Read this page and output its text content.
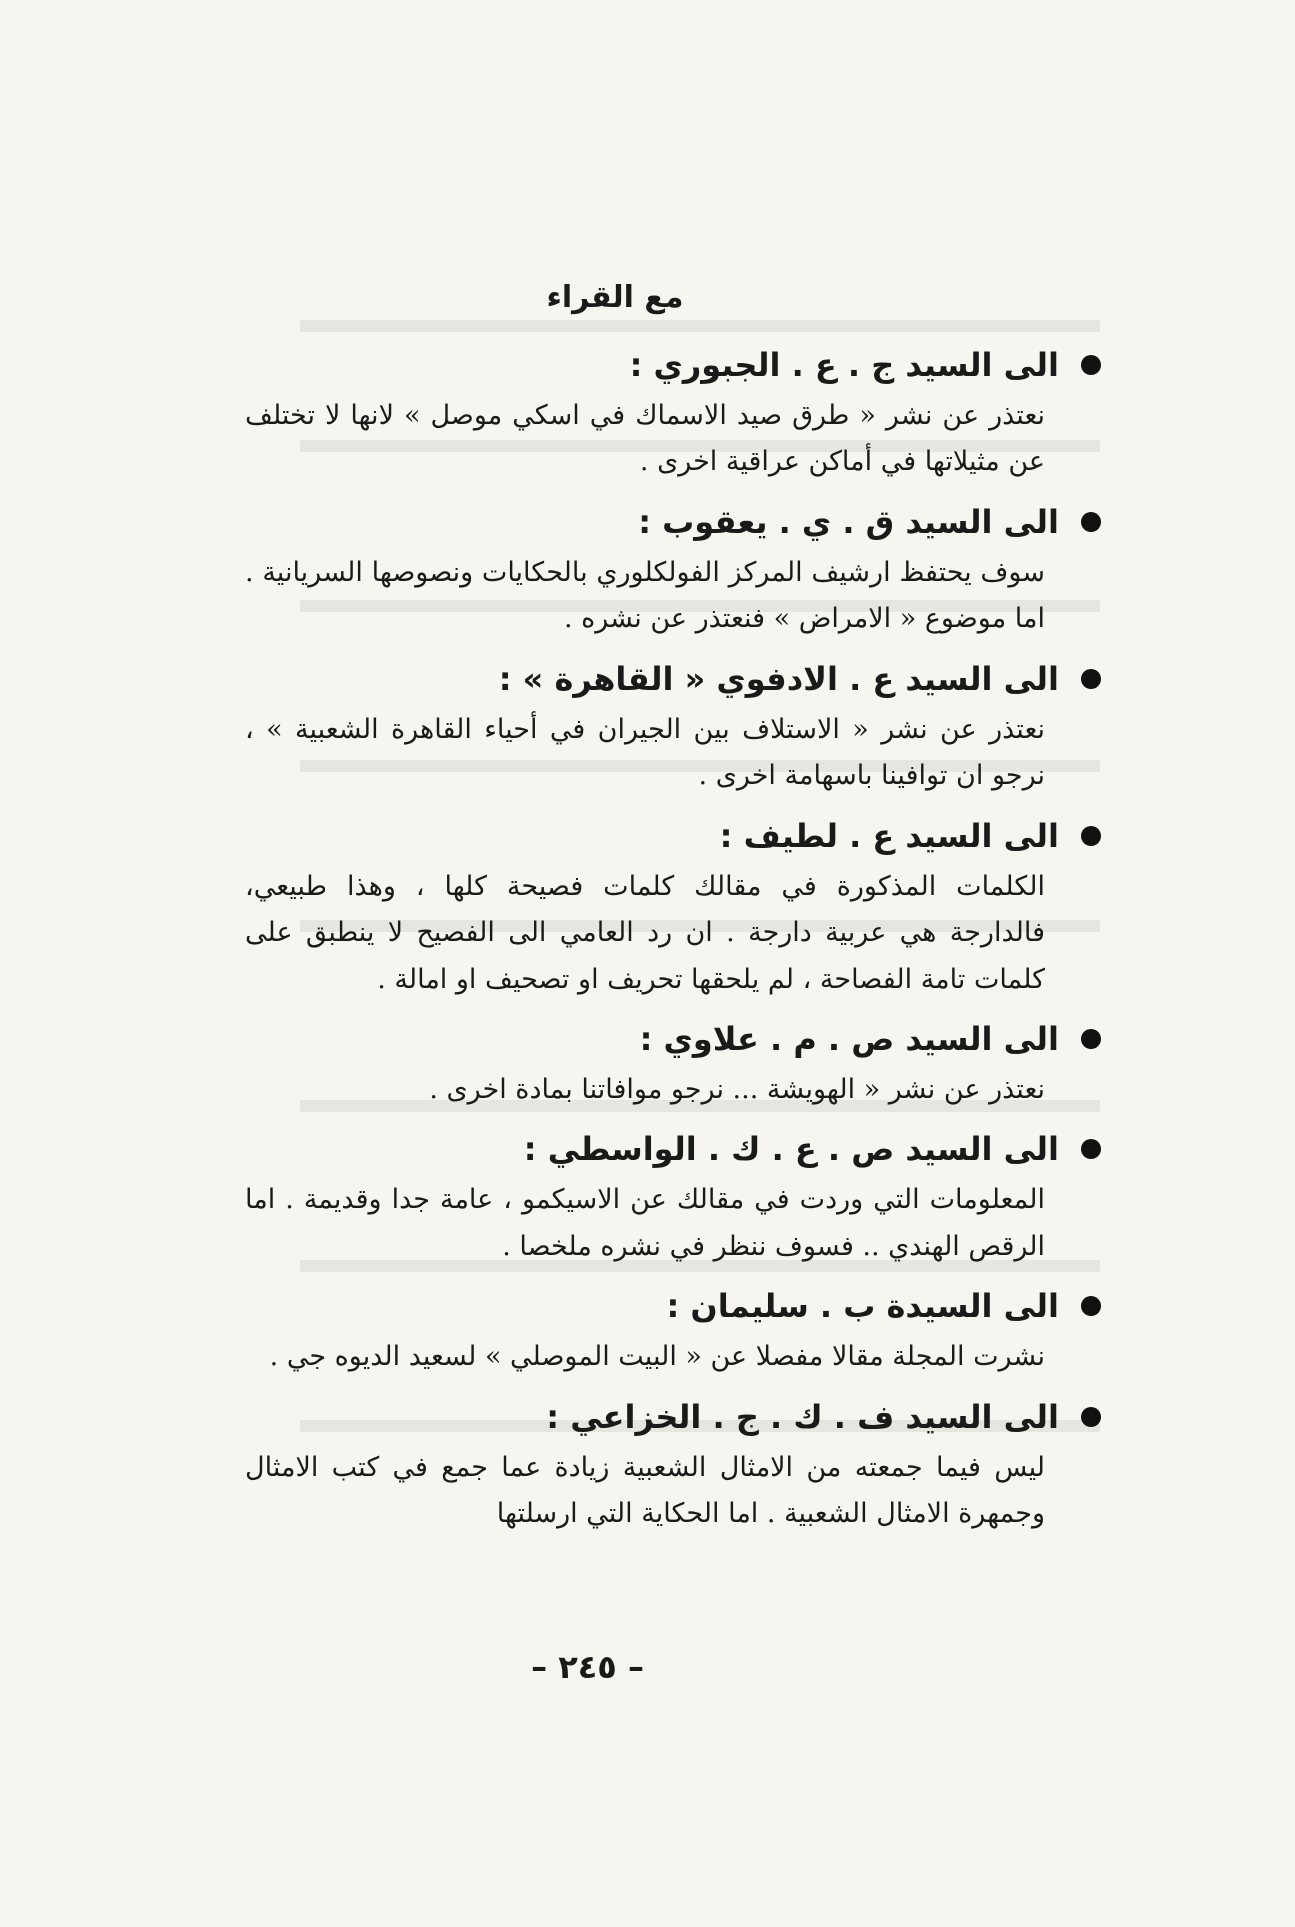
مع القراء
الى السيد ج . ع . الجبوري :

نعتذر عن نشر « طرق صيد الاسماك في اسكي موصل » لانها لا تختلف عن مثيلاتها في أماكن عراقية اخرى .

الى السيد ق . ي . يعقوب :

سوف يحتفظ ارشيف المركز الفولكلوري بالحكايات ونصوصها السريانية . اما موضوع « الامراض » فنعتذر عن نشره .

الى السيد ع . الادفوي « القاهرة » :

نعتذر عن نشر « الاستلاف بين الجيران في أحياء القاهرة الشعبية » ، نرجو ان توافينا باسهامة اخرى .

الى السيد ع . لطيف :

الكلمات المذكورة في مقالك كلمات فصيحة كلها ، وهذا طبيعي، فالدارجة هي عربية دارجة . ان رد العامي الى الفصيح لا ينطبق على كلمات تامة الفصاحة ، لم يلحقها تحريف او تصحيف او امالة .

الى السيد ص . م . علاوي :

نعتذر عن نشر « الهويشة ... نرجو موافاتنا بمادة اخرى .

الى السيد ص . ع . ك . الواسطي :

المعلومات التي وردت في مقالك عن الاسيكمو ، عامة جدا وقديمة . اما الرقص الهندي .. فسوف ننظر في نشره ملخصا .

الى السيدة ب . سليمان :

نشرت المجلة مقالا مفصلا عن « البيت الموصلي » لسعيد الديوه جي .

الى السيد ف . ك . ج . الخزاعي :

ليس فيما جمعته من الامثال الشعبية زيادة عما جمع في كتب الامثال وجمهرة الامثال الشعبية . اما الحكاية التي ارسلتها

– ٢٤٥ –
